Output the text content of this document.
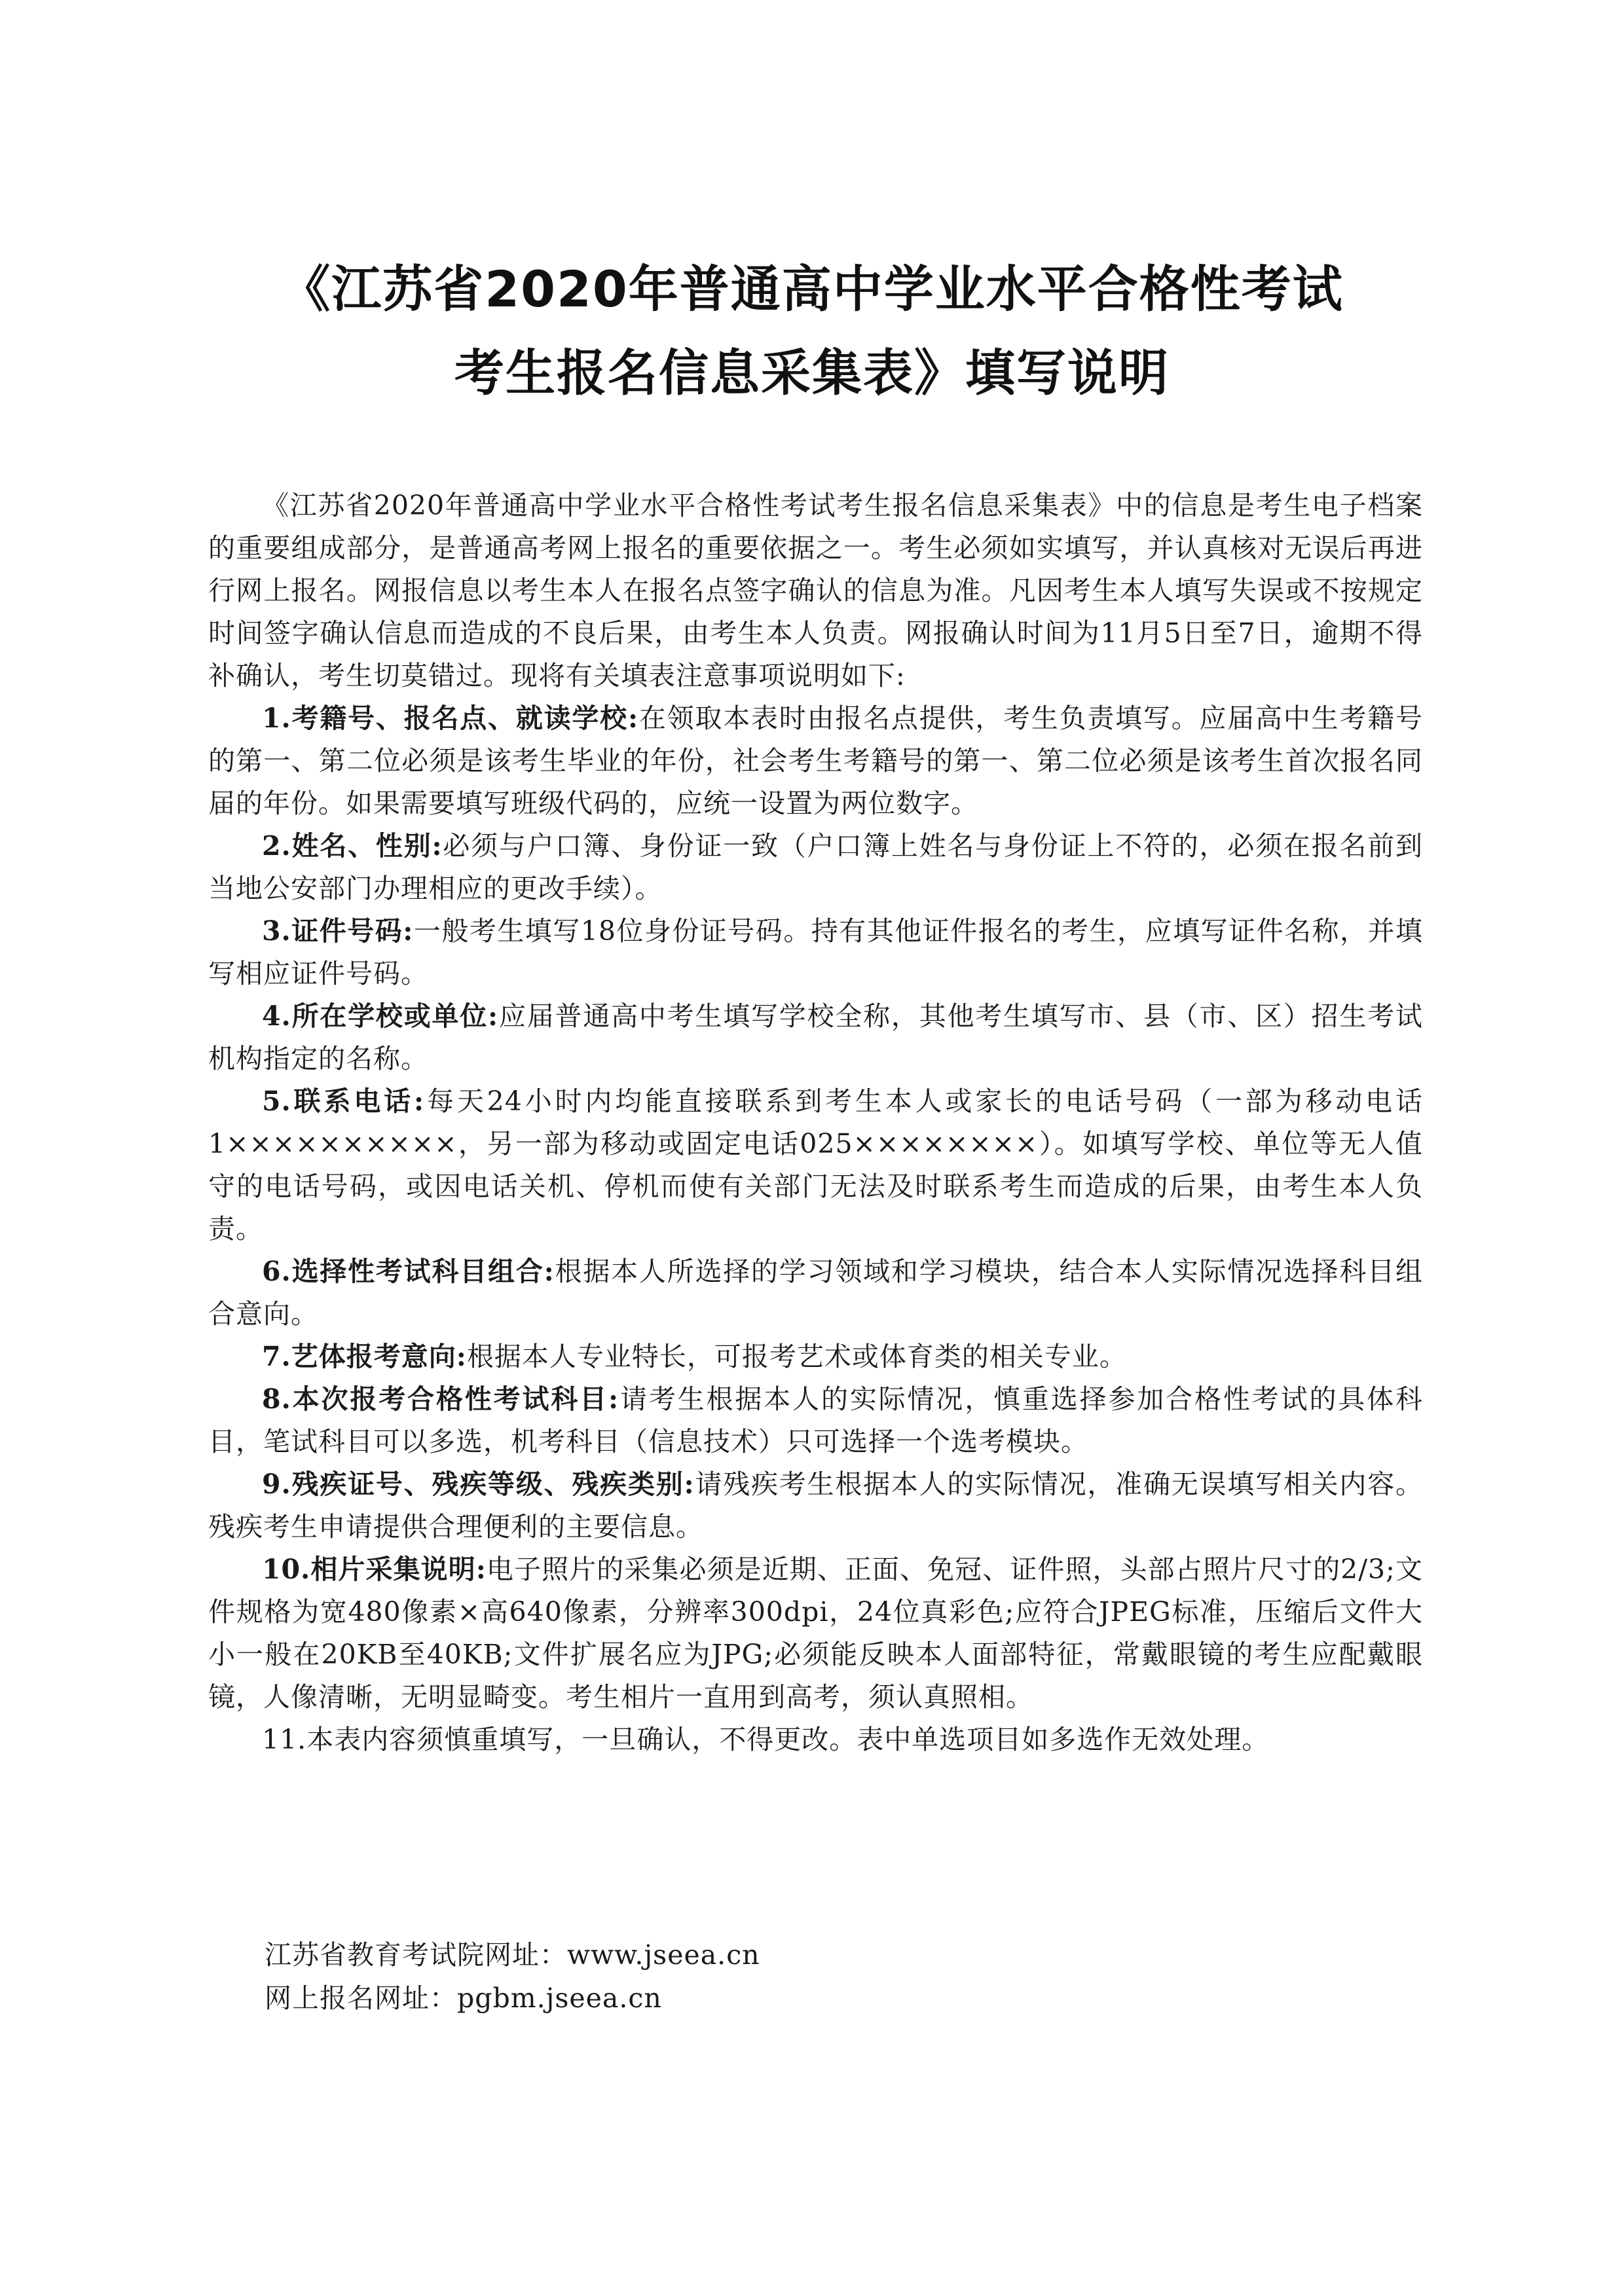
《江苏省2020年普通高中学业水平合格性考试
考生报名信息采集表》填写说明

《江苏省2020年普通高中学业水平合格性考试考生报名信息采集表》中的信息是考生电子档案的重要组成部分，是普通高考网上报名的重要依据之一。考生必须如实填写，并认真核对无误后再进行网上报名。网报信息以考生本人在报名点签字确认的信息为准。凡因考生本人填写失误或不按规定时间签字确认信息而造成的不良后果，由考生本人负责。网报确认时间为11月5日至7日，逾期不得补确认，考生切莫错过。现将有关填表注意事项说明如下:

1.考籍号、报名点、就读学校:在领取本表时由报名点提供，考生负责填写。应届高中生考籍号的第一、第二位必须是该考生毕业的年份，社会考生考籍号的第一、第二位必须是该考生首次报名同届的年份。如果需要填写班级代码的，应统一设置为两位数字。

2.姓名、性别:必须与户口簿、身份证一致（户口簿上姓名与身份证上不符的，必须在报名前到当地公安部门办理相应的更改手续）。

3.证件号码:一般考生填写18位身份证号码。持有其他证件报名的考生，应填写证件名称，并填写相应证件号码。

4.所在学校或单位:应届普通高中考生填写学校全称，其他考生填写市、县（市、区）招生考试机构指定的名称。

5.联系电话:每天24小时内均能直接联系到考生本人或家长的电话号码（一部为移动电话1××××××××××，另一部为移动或固定电话025××××××××）。如填写学校、单位等无人值守的电话号码，或因电话关机、停机而使有关部门无法及时联系考生而造成的后果，由考生本人负责。

6.选择性考试科目组合:根据本人所选择的学习领域和学习模块，结合本人实际情况选择科目组合意向。

7.艺体报考意向:根据本人专业特长，可报考艺术或体育类的相关专业。

8.本次报考合格性考试科目:请考生根据本人的实际情况，慎重选择参加合格性考试的具体科目，笔试科目可以多选，机考科目（信息技术）只可选择一个选考模块。

9.残疾证号、残疾等级、残疾类别:请残疾考生根据本人的实际情况，准确无误填写相关内容。残疾考生申请提供合理便利的主要信息。

10.相片采集说明:电子照片的采集必须是近期、正面、免冠、证件照，头部占照片尺寸的2/3;文件规格为宽480像素×高640像素，分辨率300dpi，24位真彩色;应符合JPEG标准，压缩后文件大小一般在20KB至40KB;文件扩展名应为JPG;必须能反映本人面部特征，常戴眼镜的考生应配戴眼镜，人像清晰，无明显畸变。考生相片一直用到高考，须认真照相。

11.本表内容须慎重填写，一旦确认，不得更改。表中单选项目如多选作无效处理。

江苏省教育考试院网址：www.jseea.cn

网上报名网址：pgbm.jseea.cn
